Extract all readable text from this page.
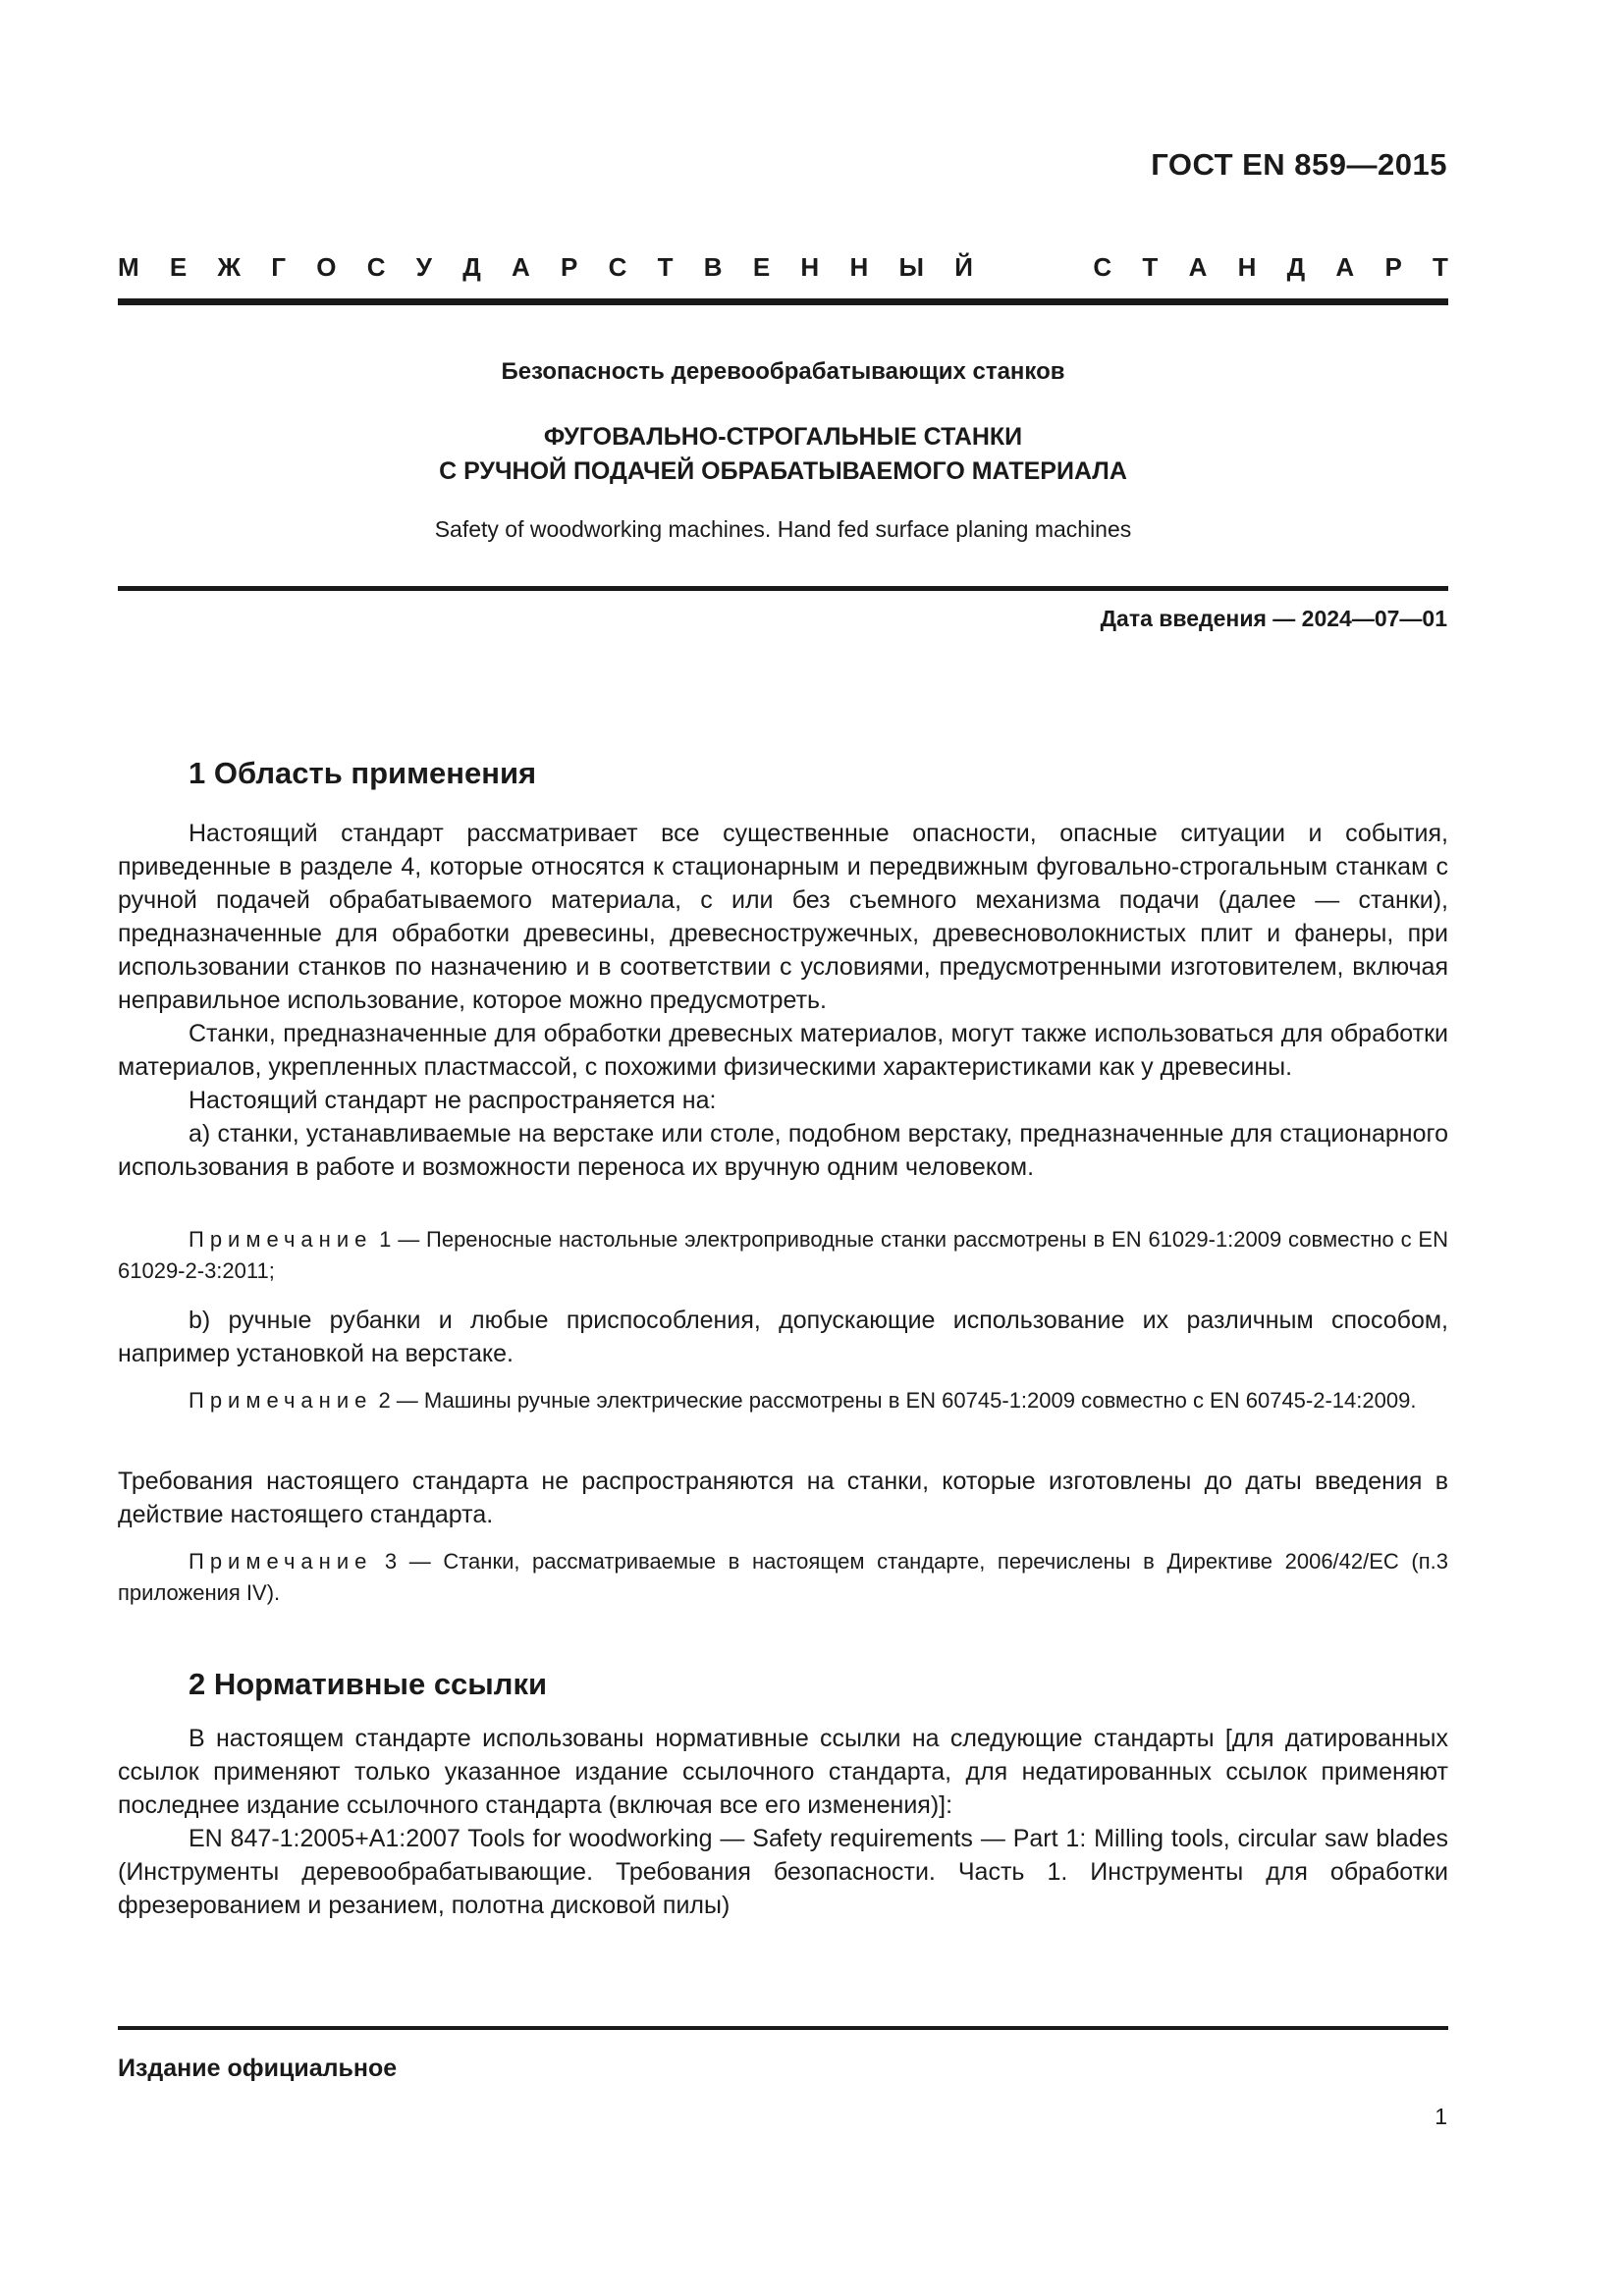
ГОСТ EN 859—2015
М Е Ж Г О С У Д А Р С Т В Е Н Н Ы Й	С Т А Н Д А Р Т
Безопасность деревообрабатывающих станков
ФУГОВАЛЬНО-СТРОГАЛЬНЫЕ СТАНКИ
С РУЧНОЙ ПОДАЧЕЙ ОБРАБАТЫВАЕМОГО МАТЕРИАЛА
Safety of woodworking machines. Hand fed surface planing machines
Дата введения — 2024—07—01
1 Область применения

Настоящий стандарт рассматривает все существенные опасности, опасные ситуации и события, приведенные в разделе 4, которые относятся к стационарным и передвижным фуговально-строгальным станкам с ручной подачей обрабатываемого материала, с или без съемного механизма подачи (далее — станки), предназначенные для обработки древесины, древесностружечных, древесноволокнистых плит и фанеры, при использовании станков по назначению и в соответствии с условиями, предусмотренными изготовителем, включая неправильное использование, которое можно предусмотреть.

Станки, предназначенные для обработки древесных материалов, могут также использоваться для обработки материалов, укрепленных пластмассой, с похожими физическими характеристиками как у древесины.

Настоящий стандарт не распространяется на:

a) станки, устанавливаемые на верстаке или столе, подобном верстаку, предназначенные для стационарного использования в работе и возможности переноса их вручную одним человеком.

Примечание 1 — Переносные настольные электроприводные станки рассмотрены в EN 61029-1:2009 совместно с EN 61029-2-3:2011;

b) ручные рубанки и любые приспособления, допускающие использование их различным способом, например установкой на верстаке.

Примечание 2 — Машины ручные электрические рассмотрены в EN 60745-1:2009 совместно с EN 60745-2-14:2009.

Требования настоящего стандарта не распространяются на станки, которые изготовлены до даты введения в действие настоящего стандарта.

Примечание 3 — Станки, рассматриваемые в настоящем стандарте, перечислены в Директиве 2006/42/ЕС (п.3 приложения IV).

2 Нормативные ссылки

В настоящем стандарте использованы нормативные ссылки на следующие стандарты [для датированных ссылок применяют только указанное издание ссылочного стандарта, для недатированных ссылок применяют последнее издание ссылочного стандарта (включая все его изменения)]:

EN 847-1:2005+A1:2007 Tools for woodworking — Safety requirements — Part 1: Milling tools, circular saw blades (Инструменты деревообрабатывающие. Требования безопасности. Часть 1. Инструменты для обработки фрезерованием и резанием, полотна дисковой пилы)

Издание официальное
1
